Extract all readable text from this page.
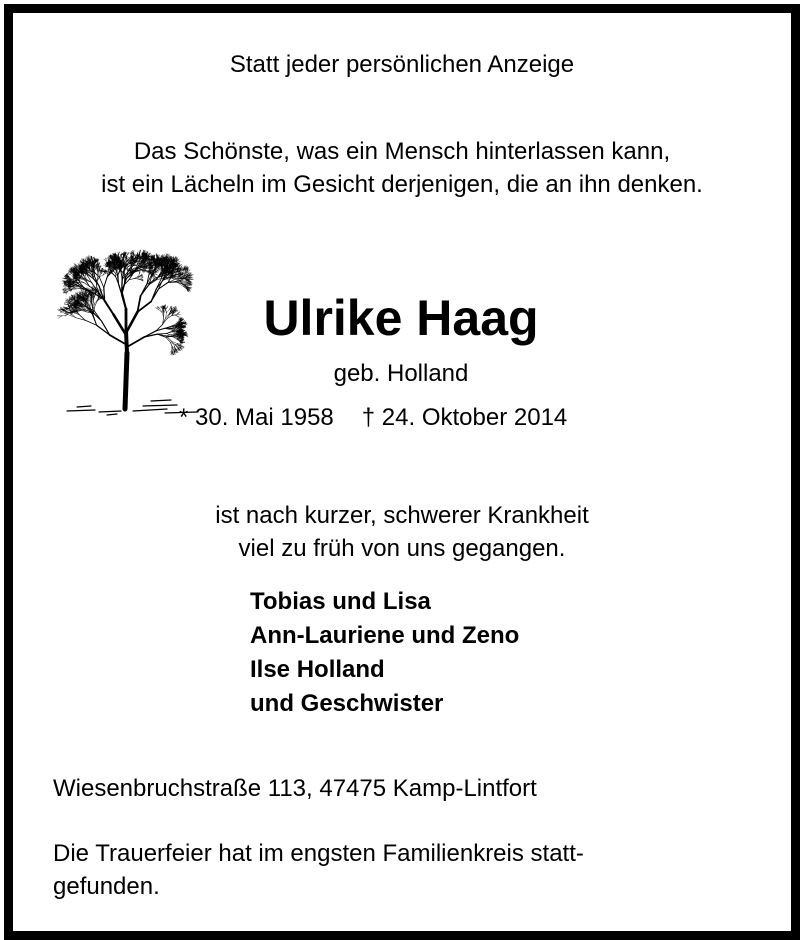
Statt jeder persönlichen Anzeige
Das Schönste, was ein Mensch hinterlassen kann,
ist ein Lächeln im Gesicht derjenigen, die an ihn denken.
Ulrike Haag
geb. Holland
* 30. Mai 1958 † 24. Oktober 2014
ist nach kurzer, schwerer Krankheit
viel zu früh von uns gegangen.
Tobias und Lisa
Ann-Lauriene und Zeno
Ilse Holland
und Geschwister
Wiesenbruchstraße 113, 47475 Kamp-Lintfort
Die Trauerfeier hat im engsten Familienkreis statt-
gefunden.
